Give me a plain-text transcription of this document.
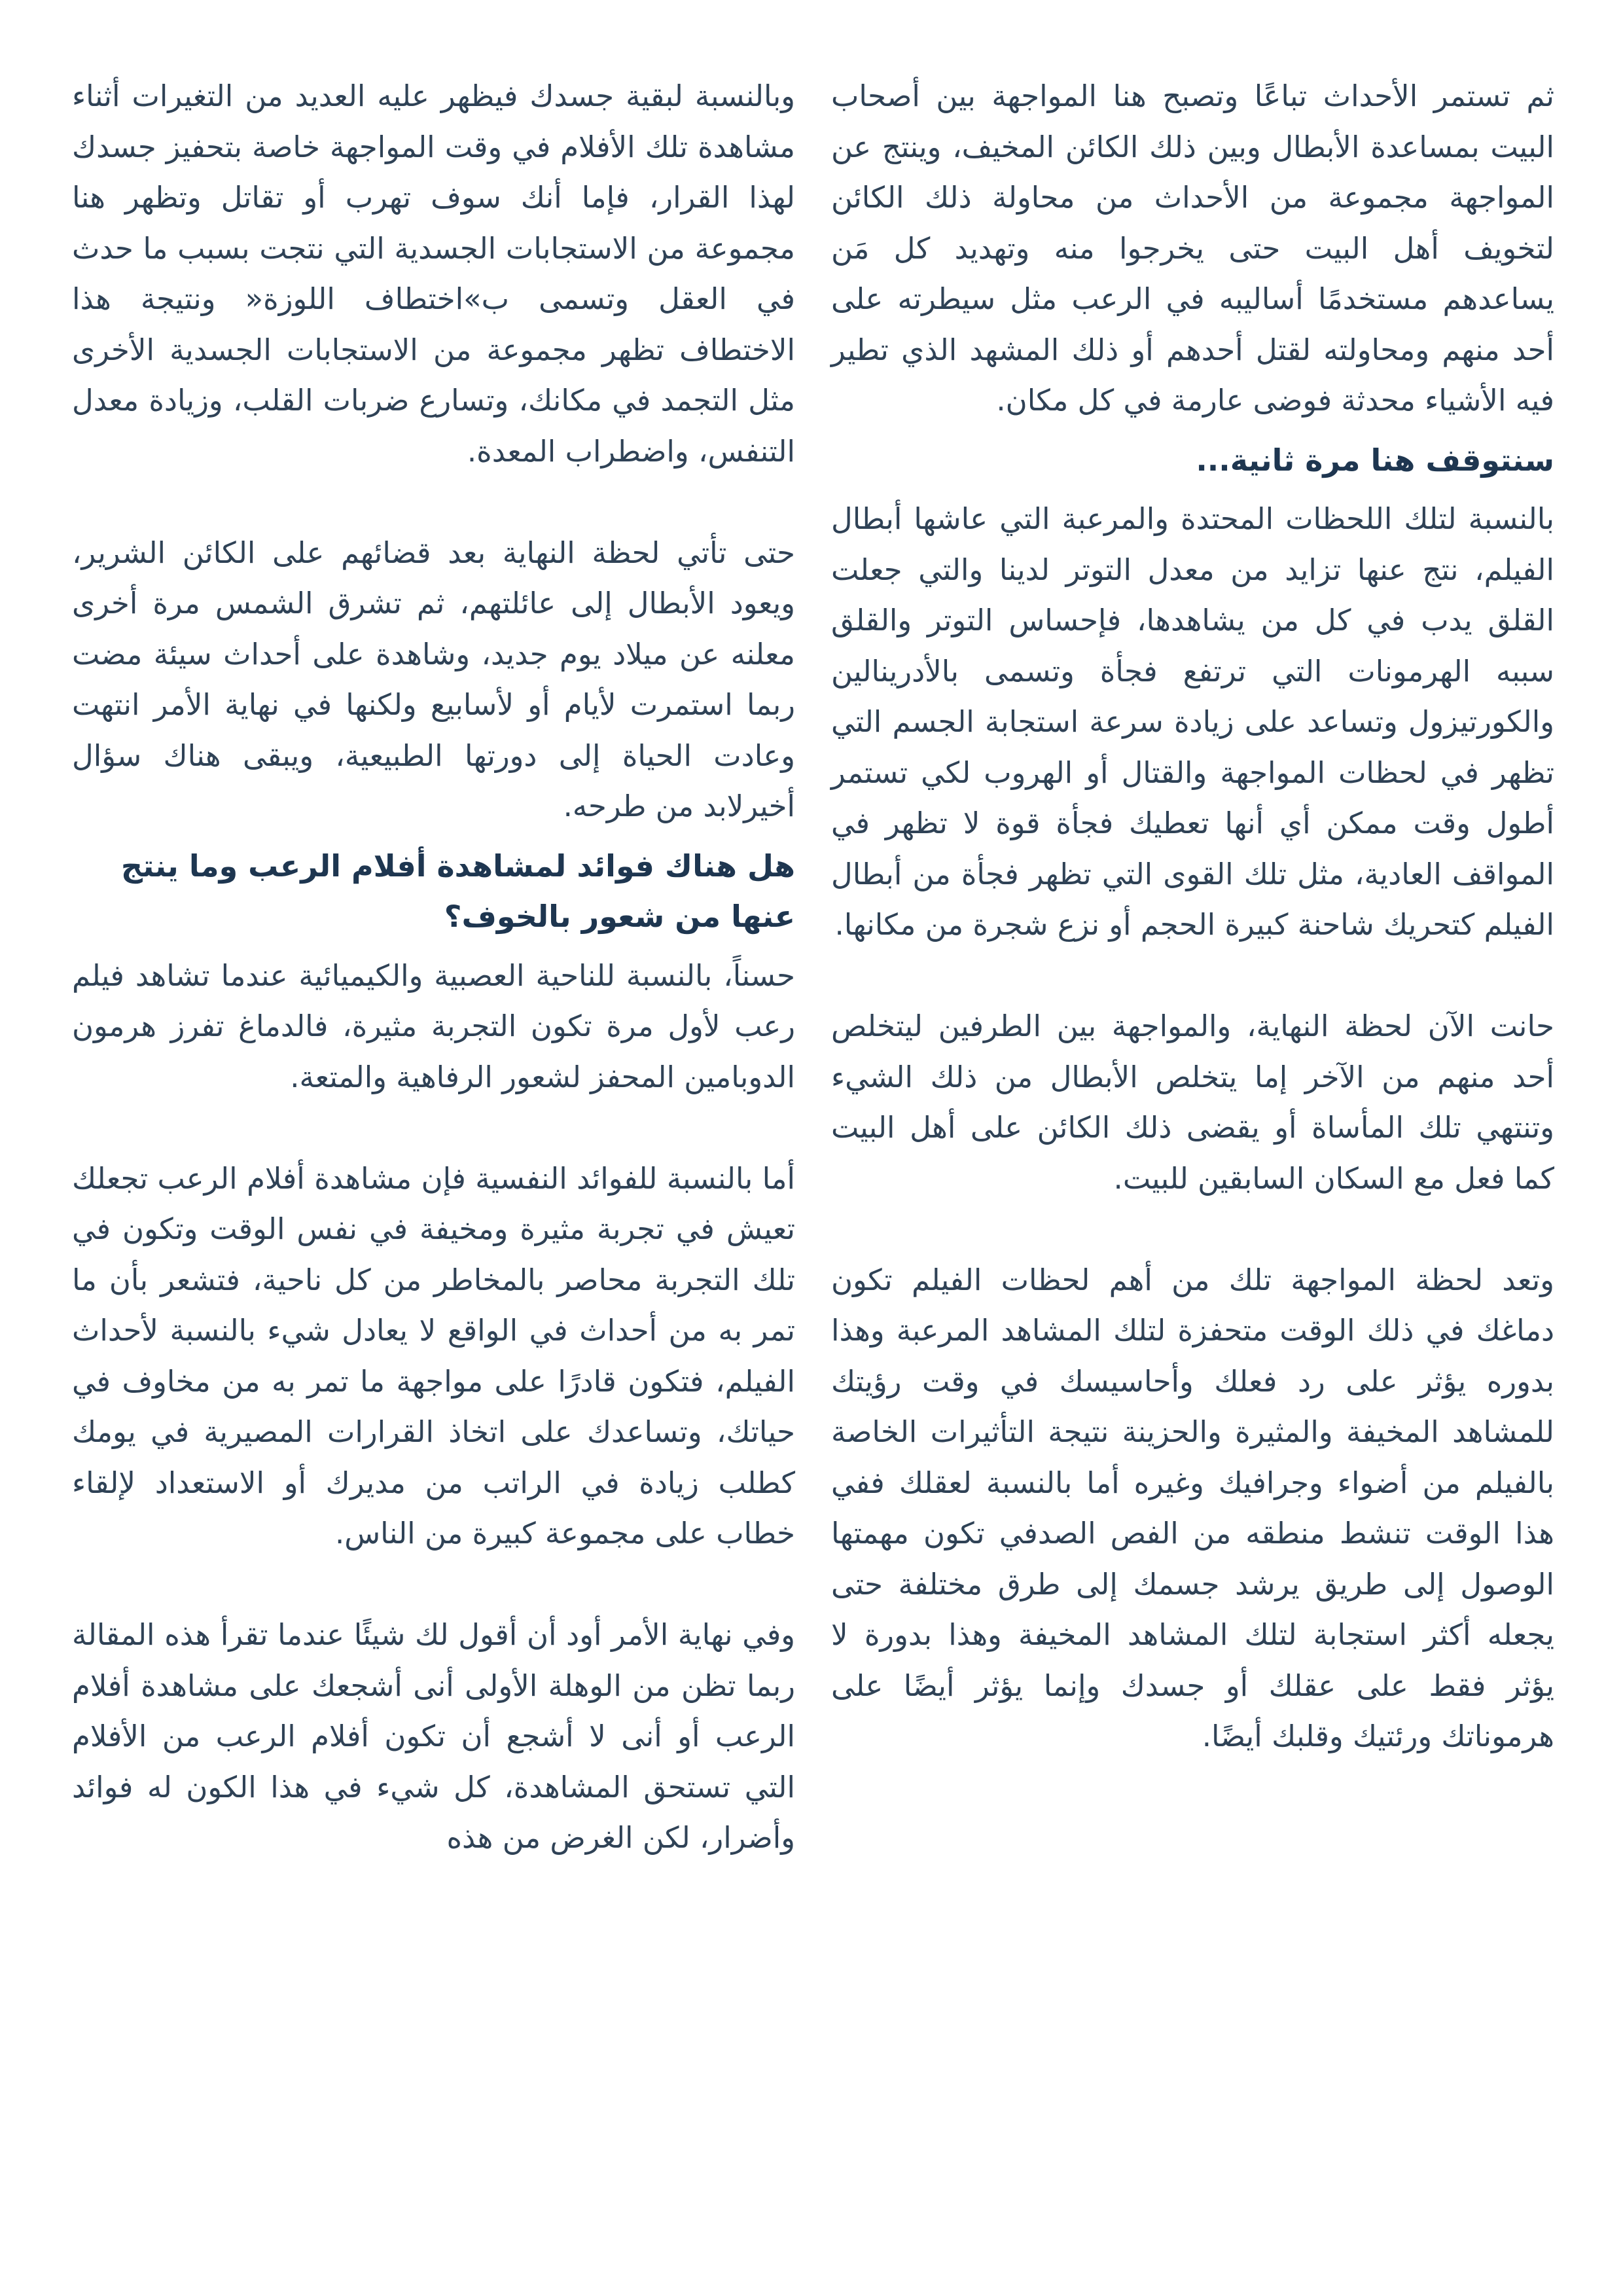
ثم تستمر الأحداث تباعًا وتصبح هنا المواجهة بين أصحاب البيت بمساعدة الأبطال وبين ذلك الكائن المخيف، وينتج عن المواجهة مجموعة من الأحداث من محاولة ذلك الكائن لتخويف أهل البيت حتى يخرجوا منه وتهديد كل مَن يساعدهم مستخدمًا أساليبه في الرعب مثل سيطرته على أحد منهم ومحاولته لقتل أحدهم أو ذلك المشهد الذي تطير فيه الأشياء محدثة فوضى عارمة في كل مكان.

سنتوقف هنا مرة ثانية...

بالنسبة لتلك اللحظات المحتدة والمرعبة التي عاشها أبطال الفيلم، نتج عنها تزايد من معدل التوتر لدينا والتي جعلت القلق يدب في كل من يشاهدها، فإحساس التوتر والقلق سببه الهرمونات التي ترتفع فجأة وتسمى بالأدرينالين والكورتيزول وتساعد على زيادة سرعة استجابة الجسم التي تظهر في لحظات المواجهة والقتال أو الهروب لكي تستمر أطول وقت ممكن أي أنها تعطيك فجأة قوة لا تظهر في المواقف العادية، مثل تلك القوى التي تظهر فجأة من أبطال الفيلم كتحريك شاحنة كبيرة الحجم أو نزع شجرة من مكانها.

حانت الآن لحظة النهاية، والمواجهة بين الطرفين ليتخلص أحد منهم من الآخر إما يتخلص الأبطال من ذلك الشيء وتنتهي تلك المأساة أو يقضى ذلك الكائن على أهل البيت كما فعل مع السكان السابقين للبيت.

وتعد لحظة المواجهة تلك من أهم لحظات الفيلم تكون دماغك في ذلك الوقت متحفزة لتلك المشاهد المرعبة وهذا بدوره يؤثر على رد فعلك وأحاسيسك في وقت رؤيتك للمشاهد المخيفة والمثيرة والحزينة نتيجة التأثيرات الخاصة بالفيلم من أضواء وجرافيك وغيره أما بالنسبة لعقلك ففي هذا الوقت تنشط منطقه من الفص الصدفي تكون مهمتها الوصول إلى طريق يرشد جسمك إلى طرق مختلفة حتى يجعله أكثر استجابة لتلك المشاهد المخيفة وهذا بدورة لا يؤثر فقط على عقلك أو جسدك وإنما يؤثر أيضًا على هرموناتك ورئتيك وقلبك أيضًا.

وبالنسبة لبقية جسدك فيظهر عليه العديد من التغيرات أثناء مشاهدة تلك الأفلام في وقت المواجهة خاصة بتحفيز جسدك لهذا القرار، فإما أنك سوف تهرب أو تقاتل وتظهر هنا مجموعة من الاستجابات الجسدية التي نتجت بسبب ما حدث في العقل وتسمى ب»اختطاف اللوزة« ونتيجة هذا الاختطاف تظهر مجموعة من الاستجابات الجسدية الأخرى مثل التجمد في مكانك، وتسارع ضربات القلب، وزيادة معدل التنفس، واضطراب المعدة.

حتى تأتي لحظة النهاية بعد قضائهم على الكائن الشرير، ويعود الأبطال إلى عائلتهم، ثم تشرق الشمس مرة أخرى معلنه عن ميلاد يوم جديد، وشاهدة على أحداث سيئة مضت ربما استمرت لأيام أو لأسابيع ولكنها في نهاية الأمر انتهت وعادت الحياة إلى دورتها الطبيعية، ويبقى هناك سؤال أخيرلابد من طرحه.

هل هناك فوائد لمشاهدة أفلام الرعب وما ينتج عنها من شعور بالخوف؟

حسناً، بالنسبة للناحية العصبية والكيميائية عندما تشاهد فيلم رعب لأول مرة تكون التجربة مثيرة، فالدماغ تفرز هرمون الدوبامين المحفز لشعور الرفاهية والمتعة.

أما بالنسبة للفوائد النفسية فإن مشاهدة أفلام الرعب تجعلك تعيش في تجربة مثيرة ومخيفة في نفس الوقت وتكون في تلك التجربة محاصر بالمخاطر من كل ناحية، فتشعر بأن ما تمر به من أحداث في الواقع لا يعادل شيء بالنسبة لأحداث الفيلم، فتكون قادرًا على مواجهة ما تمر به من مخاوف في حياتك، وتساعدك على اتخاذ القرارات المصيرية في يومك كطلب زيادة في الراتب من مديرك أو الاستعداد لإلقاء خطاب على مجموعة كبيرة من الناس.

وفي نهاية الأمر أود أن أقول لك شيئًا عندما تقرأ هذه المقالة ربما تظن من الوهلة الأولى أنى أشجعك على مشاهدة أفلام الرعب أو أنى لا أشجع أن تكون أفلام الرعب من الأفلام التي تستحق المشاهدة، كل شيء في هذا الكون له فوائد وأضرار، لكن الغرض من هذه
